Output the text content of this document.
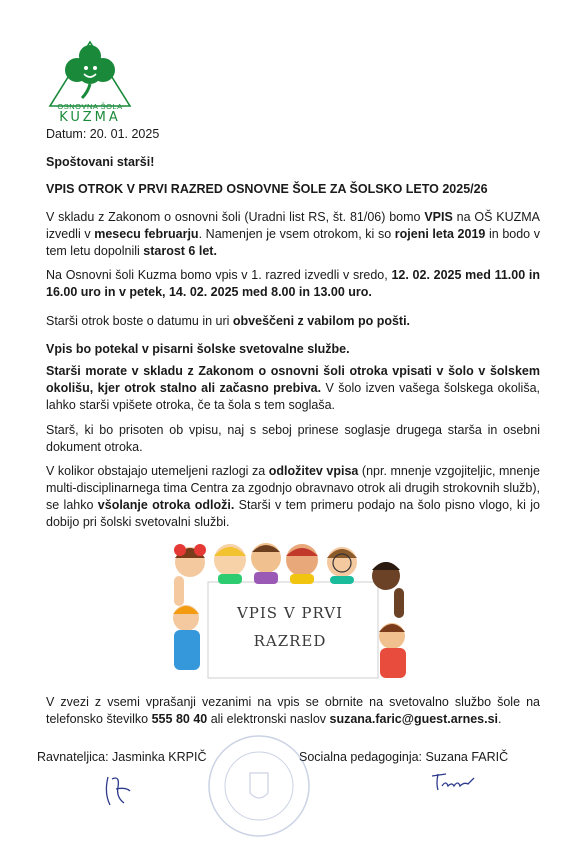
OSNOVNA ŠOLA
KUZMA
Datum: 20. 01. 2025
Spoštovani starši!
VPIS OTROK V PRVI RAZRED OSNOVNE ŠOLE ZA ŠOLSKO LETO 2025/26
V skladu z Zakonom o osnovni šoli (Uradni list RS, št. 81/06) bomo VPIS na OŠ KUZMA izvedli v mesecu februarju. Namenjen je vsem otrokom, ki so rojeni leta 2019 in bodo v tem letu dopolnili starost 6 let.
Na Osnovni šoli Kuzma bomo vpis v 1. razred izvedli v sredo, 12. 02. 2025 med 11.00 in 16.00 uro in v petek, 14. 02. 2025 med 8.00 in 13.00 uro.
Starši otrok boste o datumu in uri obveščeni z vabilom po pošti.
Vpis bo potekal v pisarni šolske svetovalne službe.
Starši morate v skladu z Zakonom o osnovni šoli otroka vpisati v šolo v šolskem okolišu, kjer otrok stalno ali začasno prebiva. V šolo izven vašega šolskega okoliša, lahko starši vpišete otroka, če ta šola s tem soglaša.
Starš, ki bo prisoten ob vpisu, naj s seboj prinese soglasje drugega starša in osebni dokument otroka.
V kolikor obstajajo utemeljeni razlogi za odložitev vpisa (npr. mnenje vzgojiteljic, mnenje multi-disciplinarnega tima Centra za zgodnjo obravnavo otrok ali drugih strokovnih služb), se lahko všolanje otroka odloži. Starši v tem primeru podajo na šolo pisno vlogo, ki jo dobijo pri šolski svetovalni službi.
VPIS V PRVI
RAZRED
V zvezi z vsemi vprašanji vezanimi na vpis se obrnite na svetovalno službo šole na telefonsko številko 555 80 40 ali elektronski naslov suzana.faric@guest.arnes.si.
Ravnateljica: Jasminka KRPIČ	Socialna pedagoginja: Suzana FARIČ
